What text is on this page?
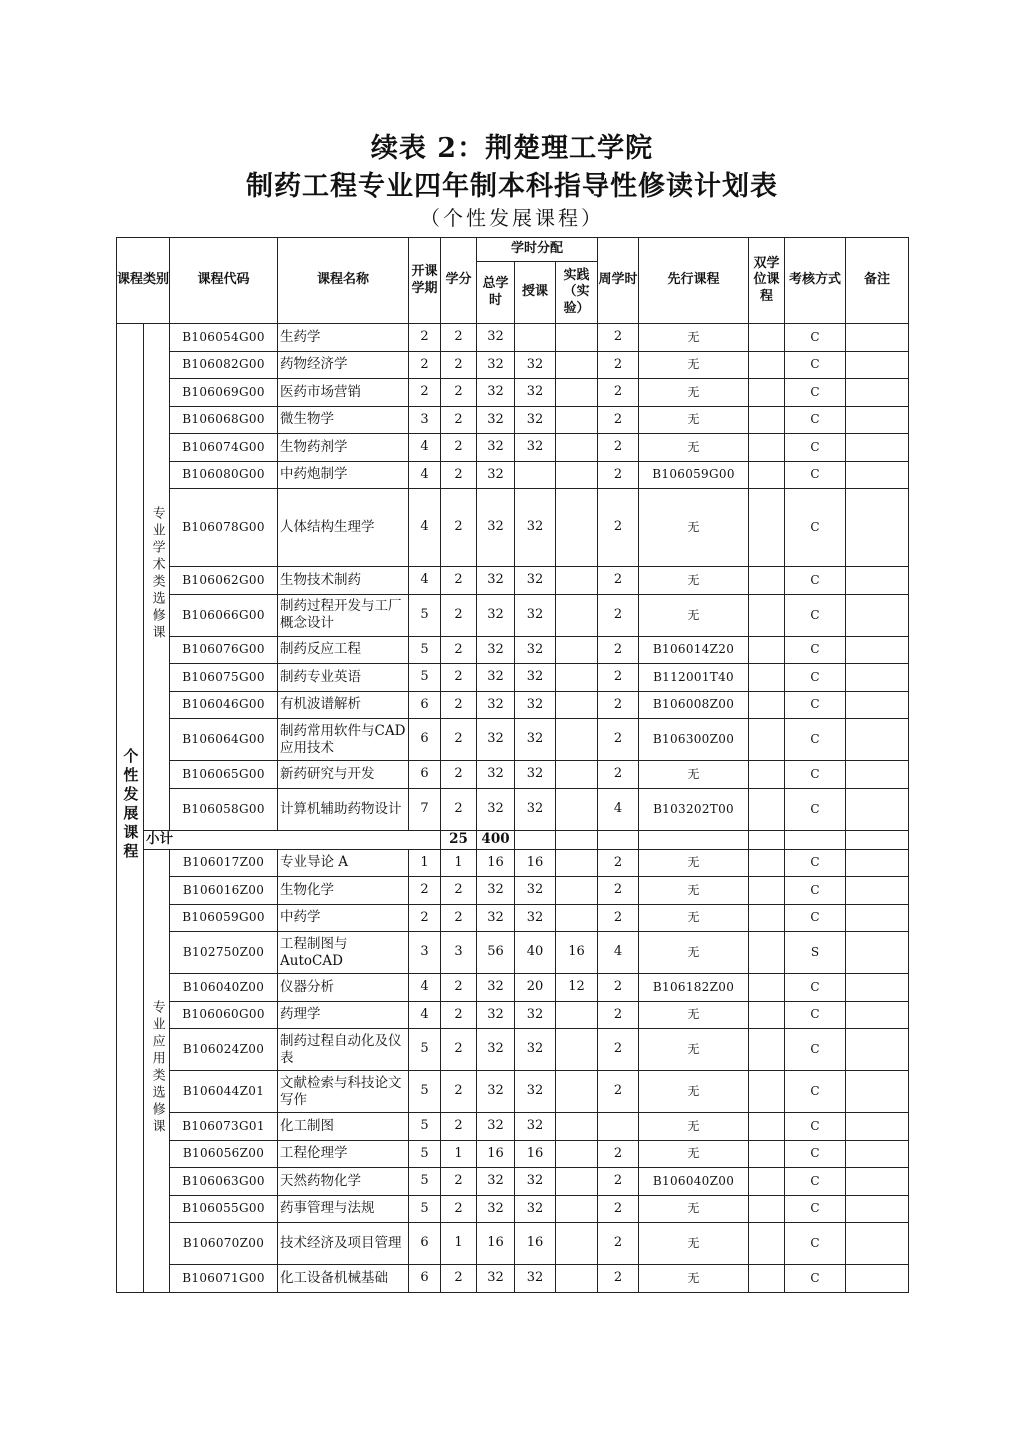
续表 2：荆楚理工学院
制药工程专业四年制本科指导性修读计划表
（个性发展课程）
课程类别		课程代码	课程名称	开课学期	学分	学时分配			周学时	先行课程	双学位课程	考核方式	备注
						总学时	授课	实践（实验）					

个性发展课程	专业学术类选修课	B106054G00	生药学	2	2	32			2	无		C	
		B106082G00	药物经济学	2	2	32	32		2	无		C	
		B106069G00	医药市场营销	2	2	32	32		2	无		C	
		B106068G00	微生物学	3	2	32	32		2	无		C	
		B106074G00	生物药剂学	4	2	32	32		2	无		C	
		B106080G00	中药炮制学	4	2	32			2	B106059G00		C	
		B106078G00	人体结构生理学	4	2	32	32		2	无		C	
		B106062G00	生物技术制药	4	2	32	32		2	无		C	
		B106066G00	制药过程开发与工厂概念设计	5	2	32	32		2	无		C	
		B106076G00	制药反应工程	5	2	32	32		2	B106014Z20		C	
		B106075G00	制药专业英语	5	2	32	32		2	B112001T40		C	
		B106046G00	有机波谱解析	6	2	32	32		2	B106008Z00		C	
		B106064G00	制药常用软件与CAD 应用技术	6	2	32	32		2	B106300Z00		C	
		B106065G00	新药研究与开发	6	2	32	32		2	无		C	
		B106058G00	计算机辅助药物设计	7	2	32	32		4	B103202T00		C	
	小计				25	400							
	专业应用类选修课	B106017Z00	专业导论 A	1	1	16	16		2	无		C	
		B106016Z00	生物化学	2	2	32	32		2	无		C	
		B106059G00	中药学	2	2	32	32		2	无		C	
		B102750Z00	工程制图与AutoCAD	3	3	56	40	16	4	无		S	
		B106040Z00	仪器分析	4	2	32	20	12	2	B106182Z00		C	
		B106060G00	药理学	4	2	32	32		2	无		C	
		B106024Z00	制药过程自动化及仪表	5	2	32	32		2	无		C	
		B106044Z01	文献检索与科技论文写作	5	2	32	32		2	无		C	
		B106073G01	化工制图	5	2	32	32			无		C	
		B106056Z00	工程伦理学	5	1	16	16		2	无		C	
		B106063G00	天然药物化学	5	2	32	32		2	B106040Z00		C	
		B106055G00	药事管理与法规	5	2	32	32		2	无		C	
		B106070Z00	技术经济及项目管理	6	1	16	16		2	无		C	
		B106071G00	化工设备机械基础	6	2	32	32		2	无		C	
